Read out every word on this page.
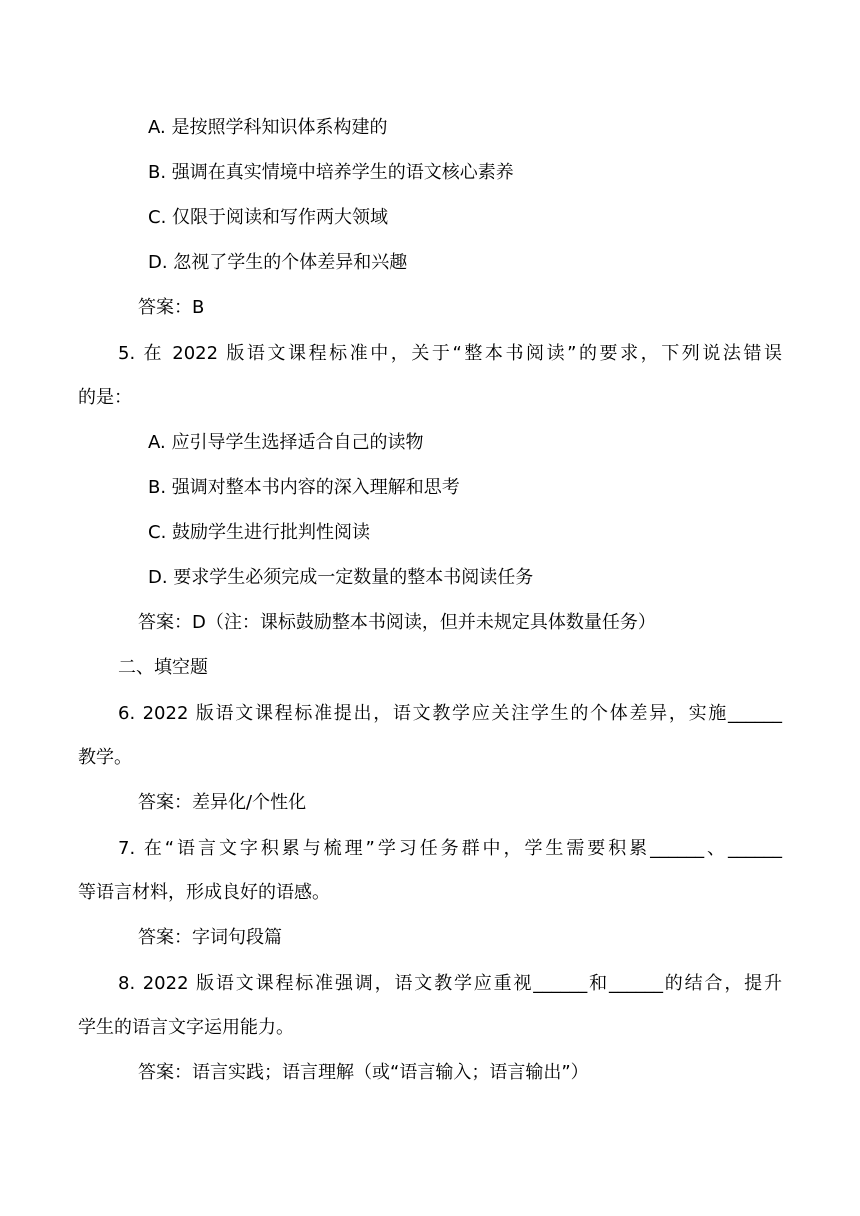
A. 是按照学科知识体系构建的
B. 强调在真实情境中培养学生的语文核心素养
C. 仅限于阅读和写作两大领域
D. 忽视了学生的个体差异和兴趣
答案：B
5. 在 2022 版语文课程标准中，关于“整本书阅读”的要求，下列说法错误
的是：
A. 应引导学生选择适合自己的读物
B. 强调对整本书内容的深入理解和思考
C. 鼓励学生进行批判性阅读
D. 要求学生必须完成一定数量的整本书阅读任务
答案：D（注：课标鼓励整本书阅读，但并未规定具体数量任务）
二、填空题
6. 2022 版语文课程标准提出，语文教学应关注学生的个体差异，实施______
教学。
答案：差异化/个性化
7. 在“语言文字积累与梳理”学习任务群中，学生需要积累______、______
等语言材料，形成良好的语感。
答案：字词句段篇
8. 2022 版语文课程标准强调，语文教学应重视______和______的结合，提升
学生的语言文字运用能力。
答案：语言实践；语言理解（或“语言输入；语言输出”）
